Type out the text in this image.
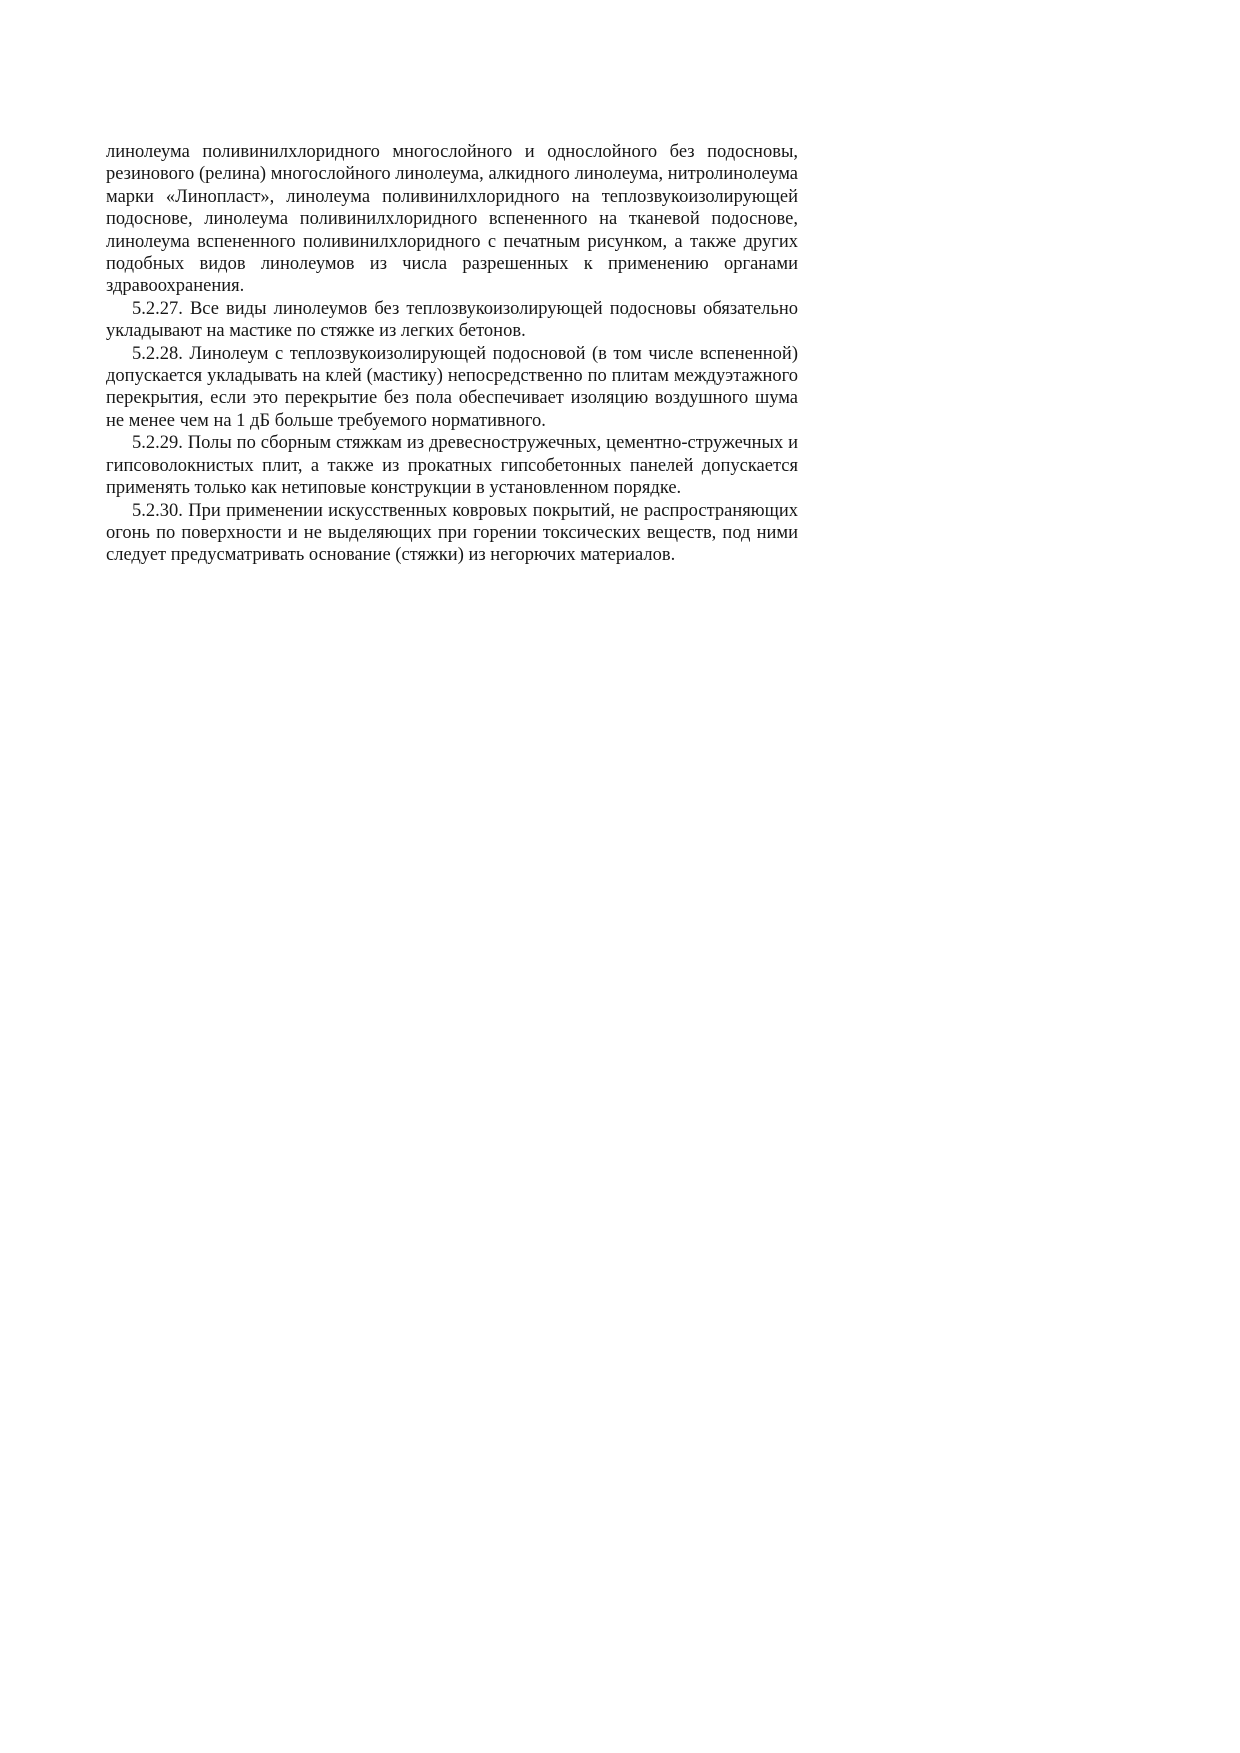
линолеума поливинилхлоридного многослойного и однослойного без подосновы, резинового (релина) многослойного линолеума, алкидного линолеума, нитролинолеума марки «Линопласт», линолеума поливинилхлоридного на теплозвукоизолирующей подоснове, линолеума поливинилхлоридного вспененного на тканевой подоснове, линолеума вспененного поливинилхлоридного с печатным рисунком, а также других подобных видов линолеумов из числа разрешенных к применению органами здравоохранения.

5.2.27. Все виды линолеумов без теплозвукоизолирующей подосновы обязательно укладывают на мастике по стяжке из легких бетонов.

5.2.28. Линолеум с теплозвукоизолирующей подосновой (в том числе вспененной) допускается укладывать на клей (мастику) непосредственно по плитам междуэтажного перекрытия, если это перекрытие без пола обеспечивает изоляцию воздушного шума не менее чем на 1 дБ больше требуемого нормативного.

5.2.29. Полы по сборным стяжкам из древесностружечных, цементно-стружечных и гипсоволокнистых плит, а также из прокатных гипсобетонных панелей допускается применять только как нетиповые конструкции в установленном порядке.

5.2.30. При применении искусственных ковровых покрытий, не распространяющих огонь по поверхности и не выделяющих при горении токсических веществ, под ними следует предусматривать основание (стяжки) из негорючих материалов.
